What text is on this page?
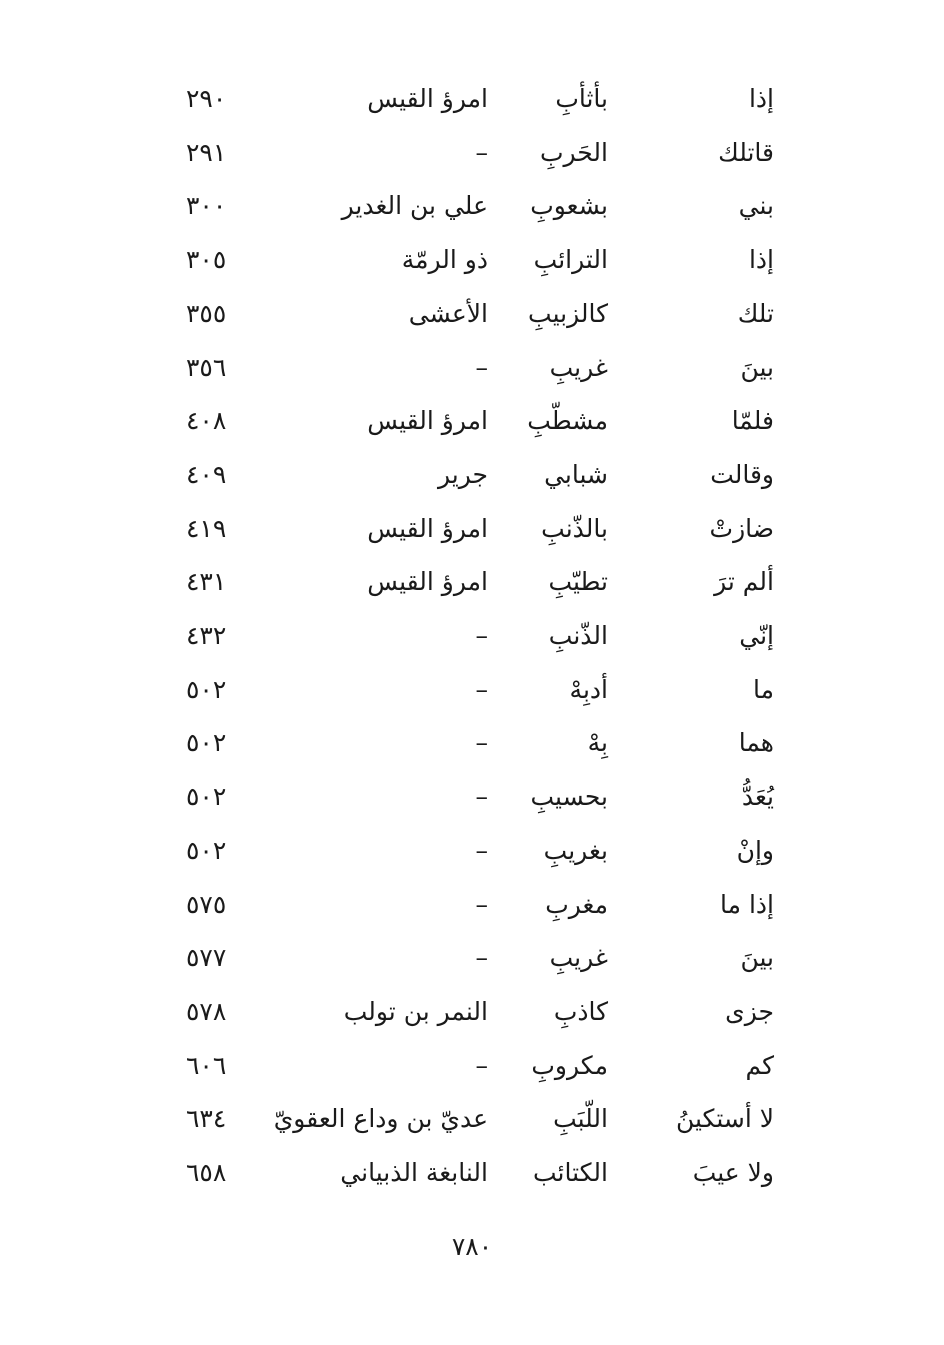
إذا
بأثأبِ
امرؤ القيس
٢٩٠
قاتلك
الحَربِ
–
٢٩١
بني
بشعوبِ
علي بن الغدير
٣٠٠
إذا
الترائبِ
ذو الرمّة
٣٠٥
تلك
كالزبيبِ
الأعشى
٣٥٥
بينَ
غريبِ
–
٣٥٦
فلمّا
مشطّبِ
امرؤ القيس
٤٠٨
وقالت
شبابي
جرير
٤٠٩
ضازتْ
بالذّنبِ
امرؤ القيس
٤١٩
ألم ترَ
تطيّبِ
امرؤ القيس
٤٣١
إنّي
الذّنبِ
–
٤٣٢
ما
أدبِهْ
–
٥٠٢
هما
بِهْ
–
٥٠٢
يُعَدُّ
بحسيبِ
–
٥٠٢
وإنْ
بغريبِ
–
٥٠٢
إذا ما
مغربِ
–
٥٧٥
بينَ
غريبِ
–
٥٧٧
جزى
كاذبِ
النمر بن تولب
٥٧٨
كم
مكروبِ
–
٦٠٦
لا أستكينُ
اللّبَبِ
عديّ بن وداع العقويّ
٦٣٤
ولا عيبَ
الكتائب
النابغة الذبياني
٦٥٨
٧٨٠
